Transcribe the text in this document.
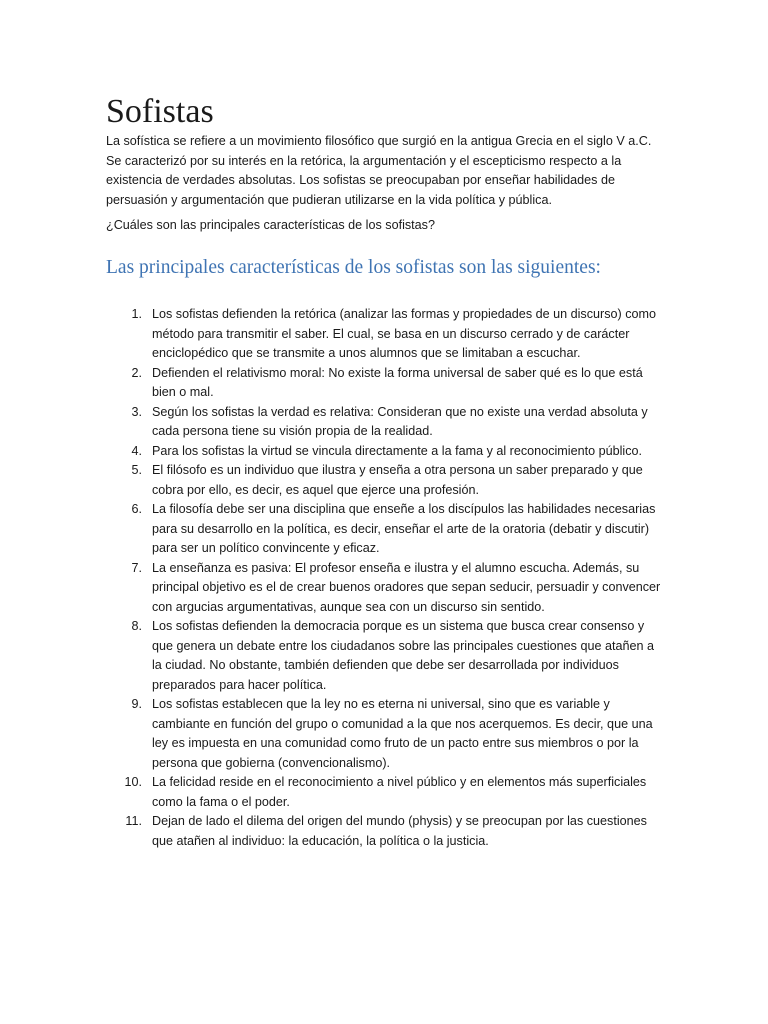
Sofistas

La sofística se refiere a un movimiento filosófico que surgió en la antigua Grecia en el siglo V a.C. Se caracterizó por su interés en la retórica, la argumentación y el escepticismo respecto a la existencia de verdades absolutas. Los sofistas se preocupaban por enseñar habilidades de persuasión y argumentación que pudieran utilizarse en la vida política y pública.

¿Cuáles son las principales características de los sofistas?

Las principales características de los sofistas son las siguientes:
1. Los sofistas defienden la retórica (analizar las formas y propiedades de un discurso) como método para transmitir el saber. El cual, se basa en un discurso cerrado y de carácter enciclopédico que se transmite a unos alumnos que se limitaban a escuchar.
2. Defienden el relativismo moral: No existe la forma universal de saber qué es lo que está bien o mal.
3. Según los sofistas la verdad es relativa: Consideran que no existe una verdad absoluta y cada persona tiene su visión propia de la realidad.
4. Para los sofistas la virtud se vincula directamente a la fama y al reconocimiento público.
5. El filósofo es un individuo que ilustra y enseña a otra persona un saber preparado y que cobra por ello, es decir, es aquel que ejerce una profesión.
6. La filosofía debe ser una disciplina que enseñe a los discípulos las habilidades necesarias para su desarrollo en la política, es decir, enseñar el arte de la oratoria (debatir y discutir) para ser un político convincente y eficaz.
7. La enseñanza es pasiva: El profesor enseña e ilustra y el alumno escucha. Además, su principal objetivo es el de crear buenos oradores que sepan seducir, persuadir y convencer con argucias argumentativas, aunque sea con un discurso sin sentido.
8. Los sofistas defienden la democracia porque es un sistema que busca crear consenso y que genera un debate entre los ciudadanos sobre las principales cuestiones que atañen a la ciudad. No obstante, también defienden que debe ser desarrollada por individuos preparados para hacer política.
9. Los sofistas establecen que la ley no es eterna ni universal, sino que es variable y cambiante en función del grupo o comunidad a la que nos acerquemos. Es decir, que una ley es impuesta en una comunidad como fruto de un pacto entre sus miembros o por la persona que gobierna (convencionalismo).
10. La felicidad reside en el reconocimiento a nivel público y en elementos más superficiales como la fama o el poder.
11. Dejan de lado el dilema del origen del mundo (physis) y se preocupan por las cuestiones que atañen al individuo: la educación, la política o la justicia.
